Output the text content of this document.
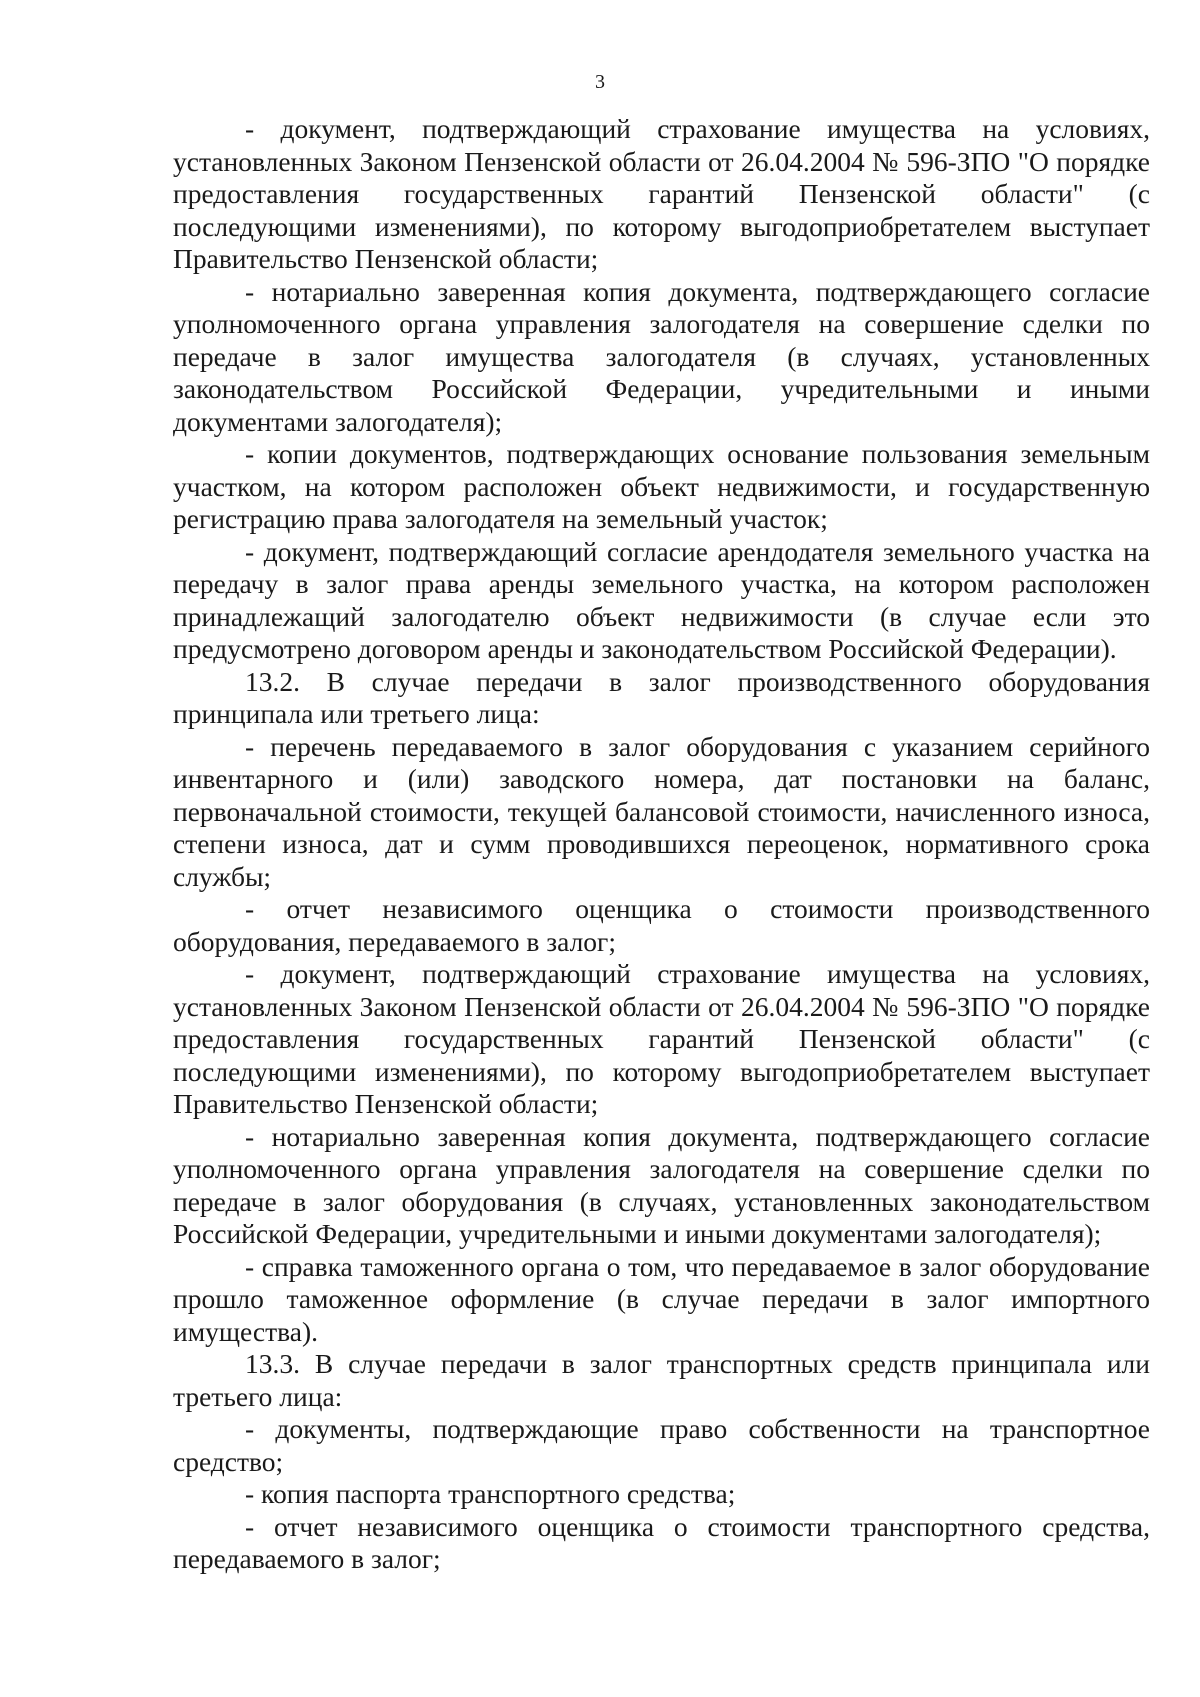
3

- документ, подтверждающий страхование имущества на условиях, установленных Законом Пензенской области от 26.04.2004 № 596-ЗПО "О порядке предоставления государственных гарантий Пензенской области" (с последующими изменениями), по которому выгодоприобретателем выступает Правительство Пензенской области;

- нотариально заверенная копия документа, подтверждающего согласие уполномоченного органа управления залогодателя на совершение сделки по передаче в залог имущества залогодателя (в случаях, установленных законодательством Российской Федерации, учредительными и иными документами залогодателя);

- копии документов, подтверждающих основание пользования земельным участком, на котором расположен объект недвижимости, и государственную регистрацию права залогодателя на земельный участок;

- документ, подтверждающий согласие арендодателя земельного участка на передачу в залог права аренды земельного участка, на котором расположен принадлежащий залогодателю объект недвижимости (в случае если это предусмотрено договором аренды и законодательством Российской Федерации).

13.2. В случае передачи в залог производственного оборудования принципала или третьего лица:

- перечень передаваемого в залог оборудования с указанием серийного инвентарного и (или) заводского номера, дат постановки на баланс, первоначальной стоимости, текущей балансовой стоимости, начисленного износа, степени износа, дат и сумм проводившихся переоценок, нормативного срока службы;

- отчет независимого оценщика о стоимости производственного оборудования, передаваемого в залог;

- документ, подтверждающий страхование имущества на условиях, установленных Законом Пензенской области от 26.04.2004 № 596-ЗПО "О порядке предоставления государственных гарантий Пензенской области" (с последующими изменениями), по которому выгодоприобретателем выступает Правительство Пензенской области;

- нотариально заверенная копия документа, подтверждающего согласие уполномоченного органа управления залогодателя на совершение сделки по передаче в залог оборудования (в случаях, установленных законодательством Российской Федерации, учредительными и иными документами залогодателя);

- справка таможенного органа о том, что передаваемое в залог оборудование прошло таможенное оформление (в случае передачи в залог импортного имущества).

13.3. В случае передачи в залог транспортных средств принципала или третьего лица:

- документы, подтверждающие право собственности на транспортное средство;

- копия паспорта транспортного средства;

- отчет независимого оценщика о стоимости транспортного средства, передаваемого в залог;
